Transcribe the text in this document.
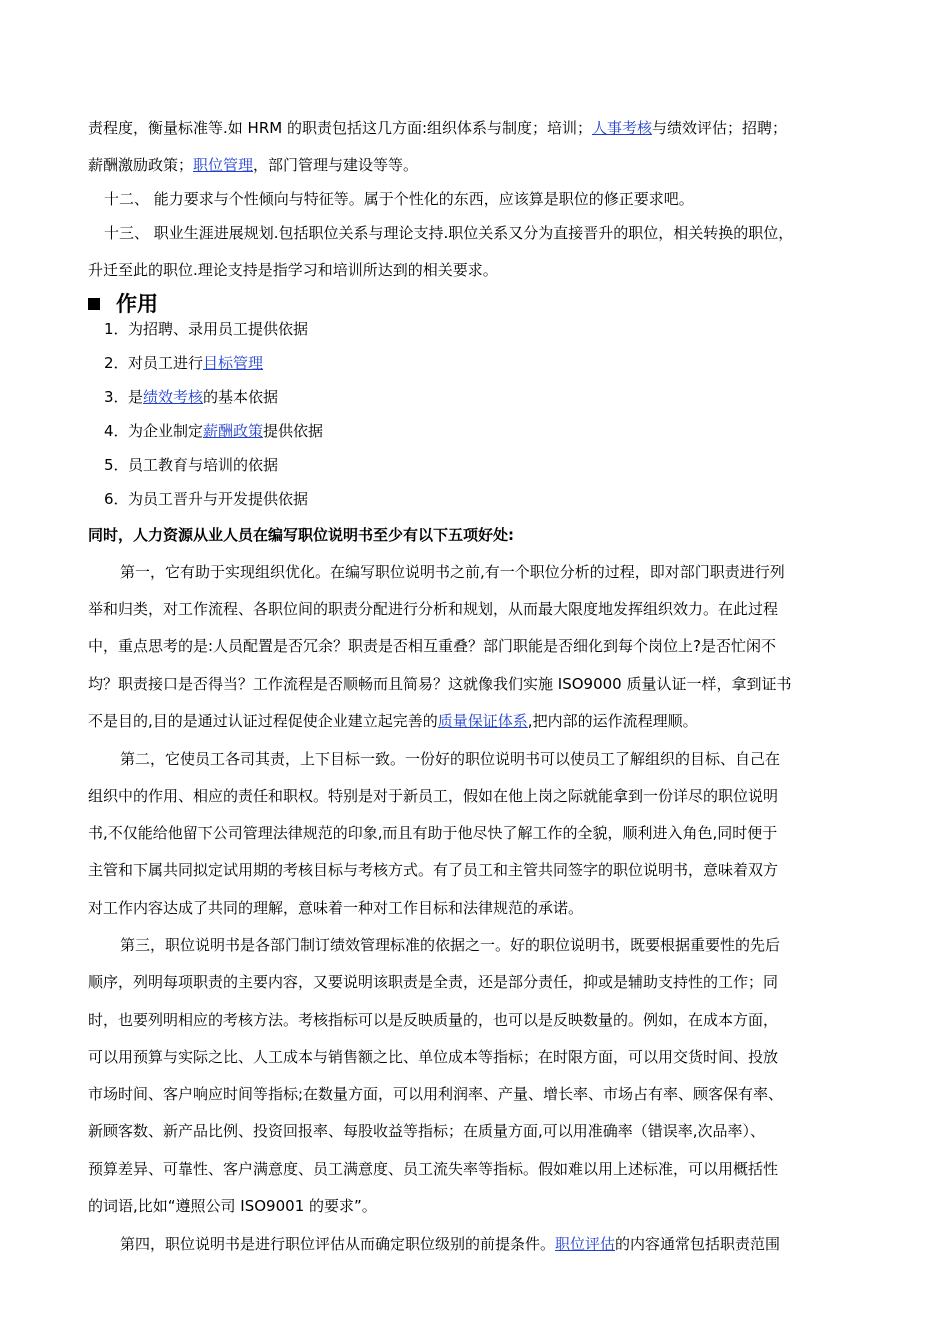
责程度，衡量标准等.如 HRM 的职责包括这几方面:组织体系与制度；培训；人事考核与绩效评估；招聘；
薪酬激励政策；职位管理，部门管理与建设等等。
十二、 能力要求与个性倾向与特征等。属于个性化的东西，应该算是职位的修正要求吧。
十三、 职业生涯进展规划.包括职位关系与理论支持.职位关系又分为直接晋升的职位，相关转换的职位，
升迁至此的职位.理论支持是指学习和培训所达到的相关要求。
作用
1．为招聘、录用员工提供依据
2．对员工进行目标管理
3．是绩效考核的基本依据
4．为企业制定薪酬政策提供依据
5．员工教育与培训的依据
6．为员工晋升与开发提供依据
同时，人力资源从业人员在编写职位说明书至少有以下五项好处:
第一，它有助于实现组织优化。在编写职位说明书之前,有一个职位分析的过程，即对部门职责进行列
举和归类，对工作流程、各职位间的职责分配进行分析和规划，从而最大限度地发挥组织效力。在此过程
中，重点思考的是:人员配置是否冗余？职责是否相互重叠？部门职能是否细化到每个岗位上?是否忙闲不
均？职责接口是否得当？工作流程是否顺畅而且简易？这就像我们实施 ISO9000 质量认证一样，拿到证书
不是目的,目的是通过认证过程促使企业建立起完善的质量保证体系,把内部的运作流程理顺。
第二，它使员工各司其责，上下目标一致。一份好的职位说明书可以使员工了解组织的目标、自己在
组织中的作用、相应的责任和职权。特别是对于新员工，假如在他上岗之际就能拿到一份详尽的职位说明
书,不仅能给他留下公司管理法律规范的印象,而且有助于他尽快了解工作的全貌，顺利进入角色,同时便于
主管和下属共同拟定试用期的考核目标与考核方式。有了员工和主管共同签字的职位说明书，意味着双方
对工作内容达成了共同的理解，意味着一种对工作目标和法律规范的承诺。
第三，职位说明书是各部门制订绩效管理标准的依据之一。好的职位说明书，既要根据重要性的先后
顺序，列明每项职责的主要内容，又要说明该职责是全责，还是部分责任，抑或是辅助支持性的工作；同
时，也要列明相应的考核方法。考核指标可以是反映质量的，也可以是反映数量的。例如，在成本方面，
可以用预算与实际之比、人工成本与销售额之比、单位成本等指标；在时限方面，可以用交货时间、投放
市场时间、客户响应时间等指标;在数量方面，可以用利润率、产量、增长率、市场占有率、顾客保有率、
新顾客数、新产品比例、投资回报率、每股收益等指标；在质量方面,可以用准确率（错误率,次品率）、
预算差异、可靠性、客户满意度、员工满意度、员工流失率等指标。假如难以用上述标准，可以用概括性
的词语,比如“遵照公司 ISO9001 的要求”。
第四，职位说明书是进行职位评估从而确定职位级别的前提条件。职位评估的内容通常包括职责范围
